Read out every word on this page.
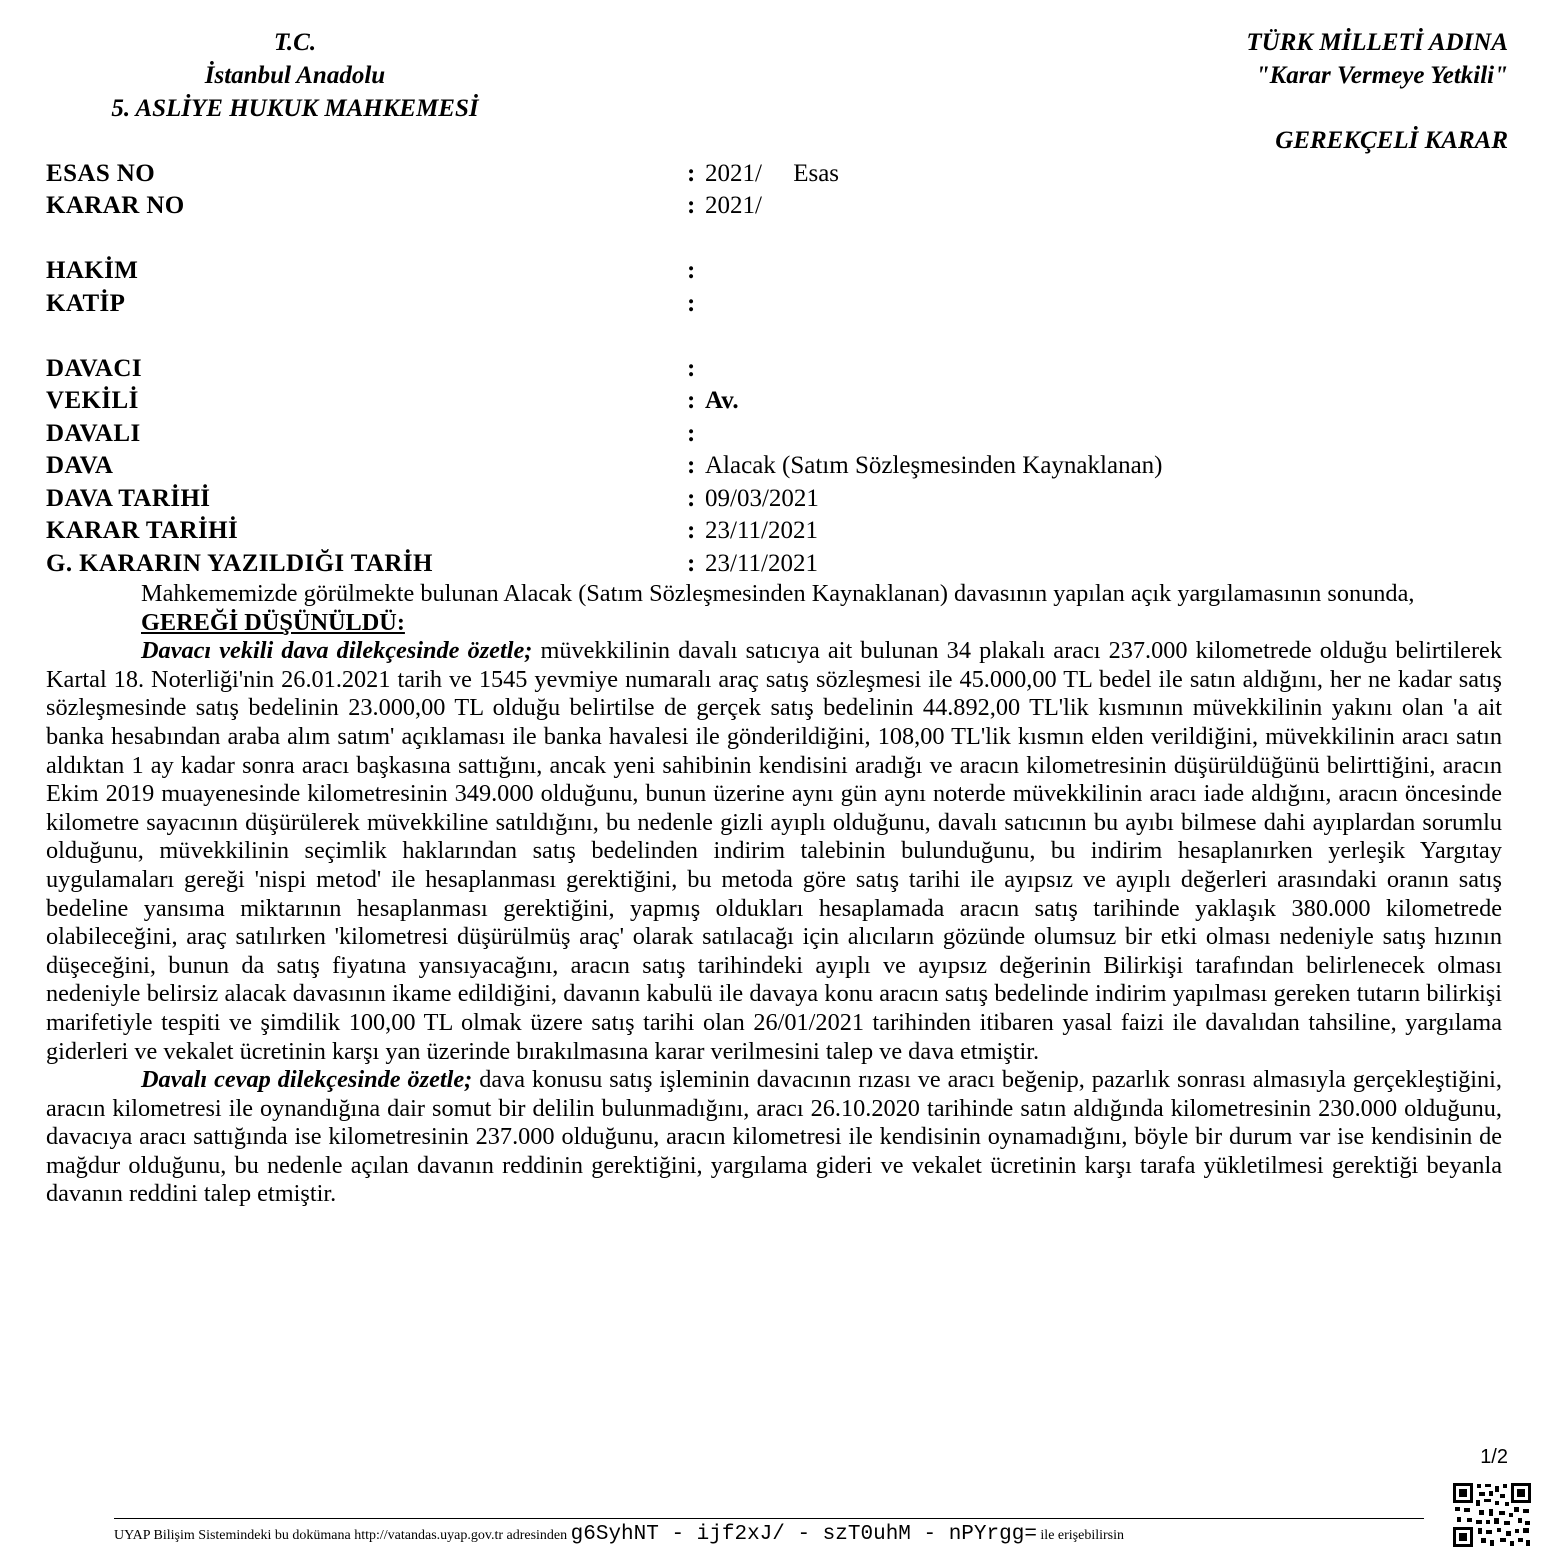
T.C.
İstanbul Anadolu
5. ASLİYE HUKUK MAHKEMESİ
TÜRK MİLLETİ ADINA
"Karar Vermeye Yetkili"
GEREKÇELİ KARAR
ESAS NO	: 2021/     Esas
KARAR NO	: 2021/
HAKİM	:
KATİP	:
DAVACI	:
VEKİLİ	: Av.
DAVALI	:
DAVA	: Alacak (Satım Sözleşmesinden Kaynaklanan)
DAVA TARİHİ	: 09/03/2021
KARAR TARİHİ	: 23/11/2021
G. KARARIN YAZILDIĞI TARİH	: 23/11/2021

Mahkememizde görülmekte bulunan Alacak (Satım Sözleşmesinden Kaynaklanan) davasının yapılan açık yargılamasının sonunda,

GEREĞİ DÜŞÜNÜLDÜ:

Davacı vekili dava dilekçesinde özetle; müvekkilinin davalı satıcıya ait bulunan 34 plakalı aracı 237.000 kilometrede olduğu belirtilerek Kartal 18. Noterliği'nin 26.01.2021 tarih ve 1545 yevmiye numaralı araç satış sözleşmesi ile 45.000,00 TL bedel ile satın aldığını, her ne kadar satış sözleşmesinde satış bedelinin 23.000,00 TL olduğu belirtilse de gerçek satış bedelinin 44.892,00 TL'lik kısmının müvekkilinin yakını olan 'a ait banka hesabından araba alım satım' açıklaması ile banka havalesi ile gönderildiğini, 108,00 TL'lik kısmın elden verildiğini, müvekkilinin aracı satın aldıktan 1 ay kadar sonra aracı başkasına sattığını, ancak yeni sahibinin kendisini aradığı ve aracın kilometresinin düşürüldüğünü belirttiğini, aracın Ekim 2019 muayenesinde kilometresinin 349.000 olduğunu, bunun üzerine aynı gün aynı noterde müvekkilinin aracı iade aldığını, aracın öncesinde kilometre sayacının düşürülerek müvekkiline satıldığını, bu nedenle gizli ayıplı olduğunu, davalı satıcının bu ayıbı bilmese dahi ayıplardan sorumlu olduğunu, müvekkilinin seçimlik haklarından satış bedelinden indirim talebinin bulunduğunu, bu indirim hesaplanırken yerleşik Yargıtay uygulamaları gereği 'nispi metod' ile hesaplanması gerektiğini, bu metoda göre satış tarihi ile ayıpsız ve ayıplı değerleri arasındaki oranın satış bedeline yansıma miktarının hesaplanması gerektiğini, yapmış oldukları hesaplamada aracın satış tarihinde yaklaşık 380.000 kilometrede olabileceğini, araç satılırken 'kilometresi düşürülmüş araç' olarak satılacağı için alıcıların gözünde olumsuz bir etki olması nedeniyle satış hızının düşeceğini, bunun da satış fiyatına yansıyacağını, aracın satış tarihindeki ayıplı ve ayıpsız değerinin Bilirkişi tarafından belirlenecek olması nedeniyle belirsiz alacak davasının ikame edildiğini, davanın kabulü ile davaya konu aracın satış bedelinde indirim yapılması gereken tutarın bilirkişi marifetiyle tespiti ve şimdilik 100,00 TL olmak üzere satış tarihi olan 26/01/2021 tarihinden itibaren yasal faizi ile davalıdan tahsiline, yargılama giderleri ve vekalet ücretinin karşı yan üzerinde bırakılmasına karar verilmesini talep ve dava etmiştir.

Davalı cevap dilekçesinde özetle; dava konusu satış işleminin davacının rızası ve aracı beğenip, pazarlık sonrası almasıyla gerçekleştiğini, aracın kilometresi ile oynandığına dair somut bir delilin bulunmadığını, aracı 26.10.2020 tarihinde satın aldığında kilometresinin 230.000 olduğunu, davacıya aracı sattığında ise kilometresinin 237.000 olduğunu, aracın kilometresi ile kendisinin oynamadığını, böyle bir durum var ise kendisinin de mağdur olduğunu, bu nedenle açılan davanın reddinin gerektiğini, yargılama gideri ve vekalet ücretinin karşı tarafa yükletilmesi gerektiği beyanla davanın reddini talep etmiştir.

1/2
UYAP Bilişim Sistemindeki bu dokümana http://vatandas.uyap.gov.tr adresinden g6SyhNT - ijf2xJ/ - szT0uhM - nPYrgg= ile erişebilirsin
